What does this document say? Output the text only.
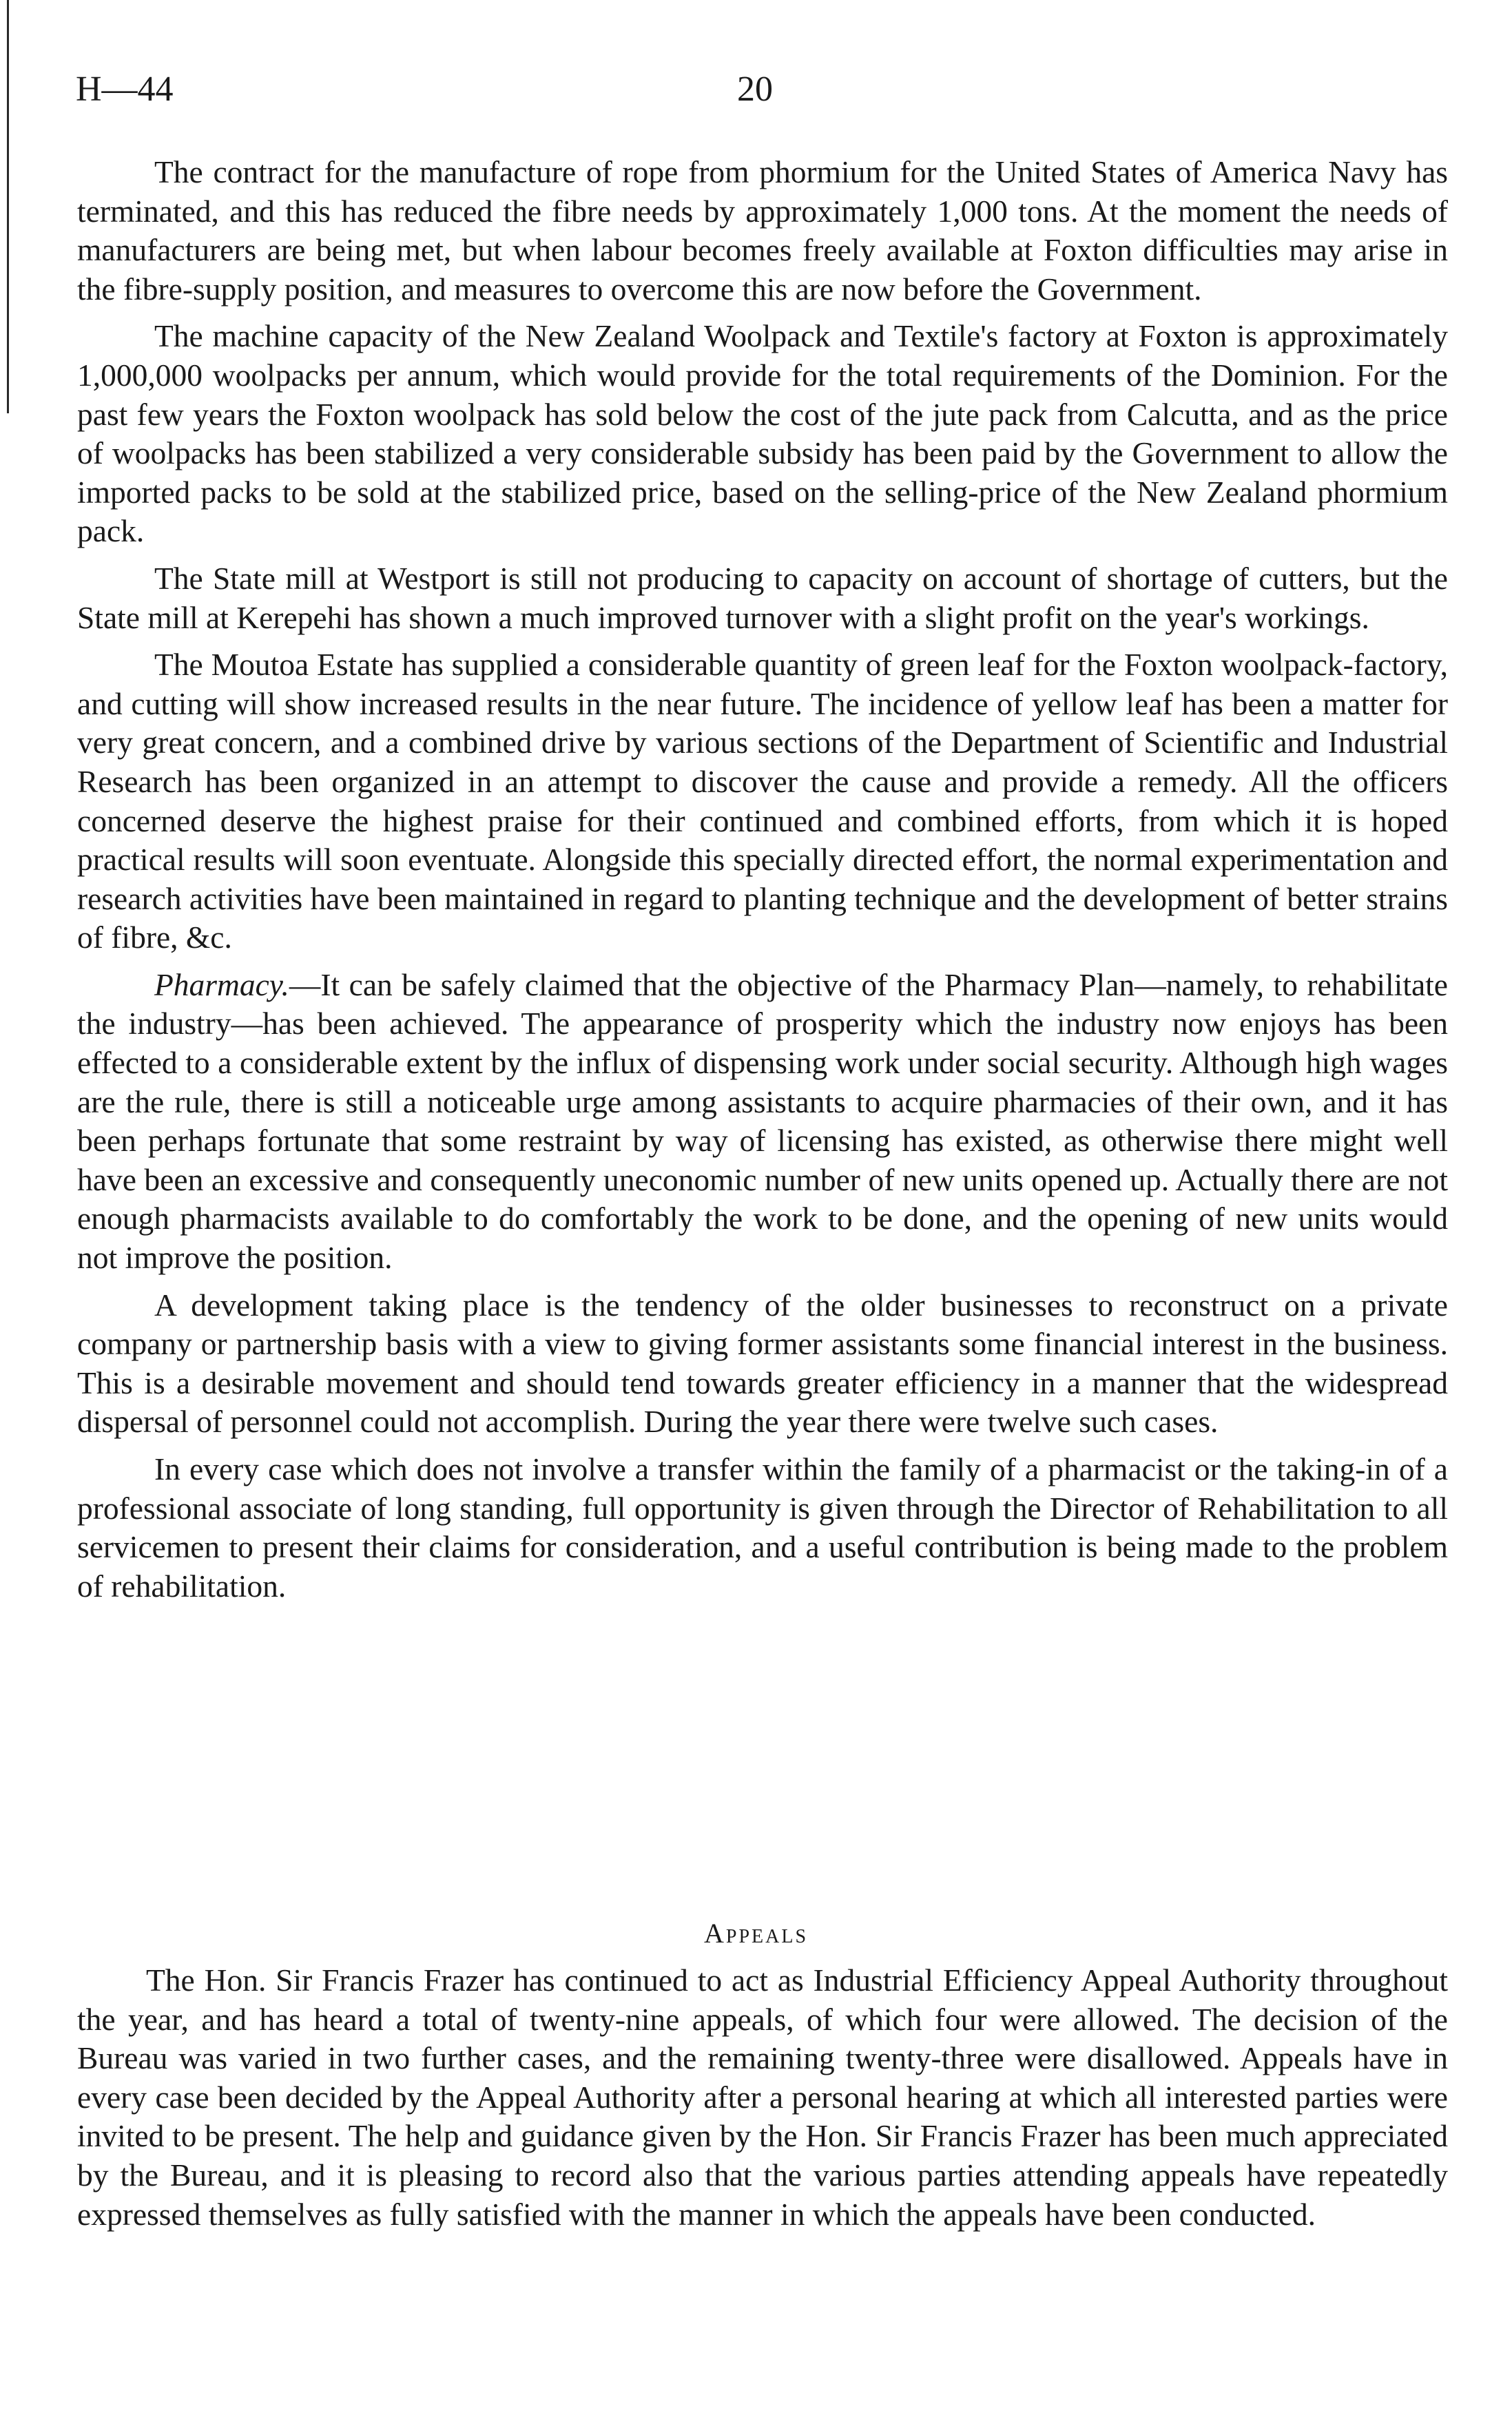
H—44	20

The contract for the manufacture of rope from phormium for the United States of America Navy has terminated, and this has reduced the fibre needs by approximately 1,000 tons. At the moment the needs of manufacturers are being met, but when labour becomes freely available at Foxton difficulties may arise in the fibre-supply position, and measures to overcome this are now before the Government.

The machine capacity of the New Zealand Woolpack and Textile's factory at Foxton is approximately 1,000,000 woolpacks per annum, which would provide for the total requirements of the Dominion. For the past few years the Foxton woolpack has sold below the cost of the jute pack from Calcutta, and as the price of woolpacks has been stabilized a very considerable subsidy has been paid by the Government to allow the imported packs to be sold at the stabilized price, based on the selling-price of the New Zealand phormium pack.

The State mill at Westport is still not producing to capacity on account of shortage of cutters, but the State mill at Kerepehi has shown a much improved turnover with a slight profit on the year's workings.

The Moutoa Estate has supplied a considerable quantity of green leaf for the Foxton woolpack-factory, and cutting will show increased results in the near future. The incidence of yellow leaf has been a matter for very great concern, and a combined drive by various sections of the Department of Scientific and Industrial Research has been organized in an attempt to discover the cause and provide a remedy. All the officers concerned deserve the highest praise for their continued and combined efforts, from which it is hoped practical results will soon eventuate. Alongside this specially directed effort, the normal experimentation and research activities have been maintained in regard to planting technique and the development of better strains of fibre, &c.

Pharmacy.—It can be safely claimed that the objective of the Pharmacy Plan—namely, to rehabilitate the industry—has been achieved. The appearance of prosperity which the industry now enjoys has been effected to a considerable extent by the influx of dispensing work under social security. Although high wages are the rule, there is still a noticeable urge among assistants to acquire pharmacies of their own, and it has been perhaps fortunate that some restraint by way of licensing has existed, as otherwise there might well have been an excessive and consequently uneconomic number of new units opened up. Actually there are not enough pharmacists available to do comfortably the work to be done, and the opening of new units would not improve the position.

A development taking place is the tendency of the older businesses to reconstruct on a private company or partnership basis with a view to giving former assistants some financial interest in the business. This is a desirable movement and should tend towards greater efficiency in a manner that the widespread dispersal of personnel could not accomplish. During the year there were twelve such cases.

In every case which does not involve a transfer within the family of a pharmacist or the taking-in of a professional associate of long standing, full opportunity is given through the Director of Rehabilitation to all servicemen to present their claims for consideration, and a useful contribution is being made to the problem of rehabilitation.

Appeals

The Hon. Sir Francis Frazer has continued to act as Industrial Efficiency Appeal Authority throughout the year, and has heard a total of twenty-nine appeals, of which four were allowed. The decision of the Bureau was varied in two further cases, and the remaining twenty-three were disallowed. Appeals have in every case been decided by the Appeal Authority after a personal hearing at which all interested parties were invited to be present. The help and guidance given by the Hon. Sir Francis Frazer has been much appreciated by the Bureau, and it is pleasing to record also that the various parties attending appeals have repeatedly expressed themselves as fully satisfied with the manner in which the appeals have been conducted.
